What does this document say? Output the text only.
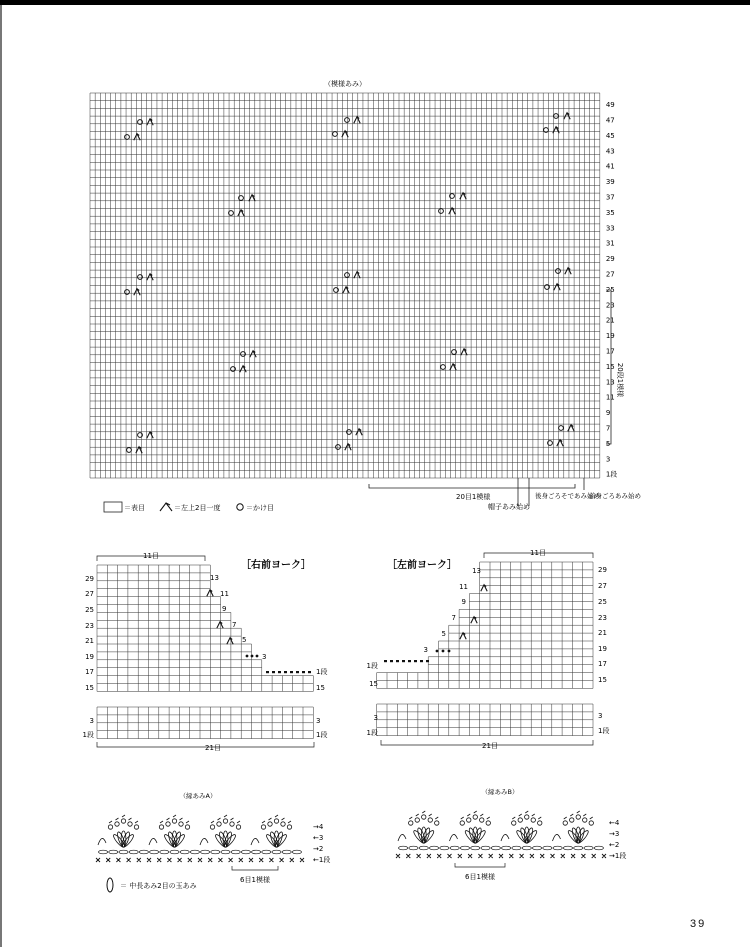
（模様あみ）
1段
3
5
7
9
11
13
15
17
19
21
23
25
27
29
31
33
35
37
39
41
43
45
47
49
20段1模様
20目1模様
帽子あみ始め
後身ごろそであみ始め
前身ごろあみ始め
＝表目	＝左上2目一度	＝かけ目
［右前ヨーク］
11目
29
27
25
23
21
19
17
15
3
1段
13
11
9
7
5
3
1段
15
3
1段
21目
［左前ヨーク］
11目
29
27
25
23
21
19
17
15
3
1段
13
11
9
7
5
3
1段
15
3
1段
21目
（縁あみA）
→4
←3
→2
←1段
6目1模様
（縁あみB）
←4
→3
←2
→1段
6目1模様
＝ 中長あみ2目の玉あみ
39
